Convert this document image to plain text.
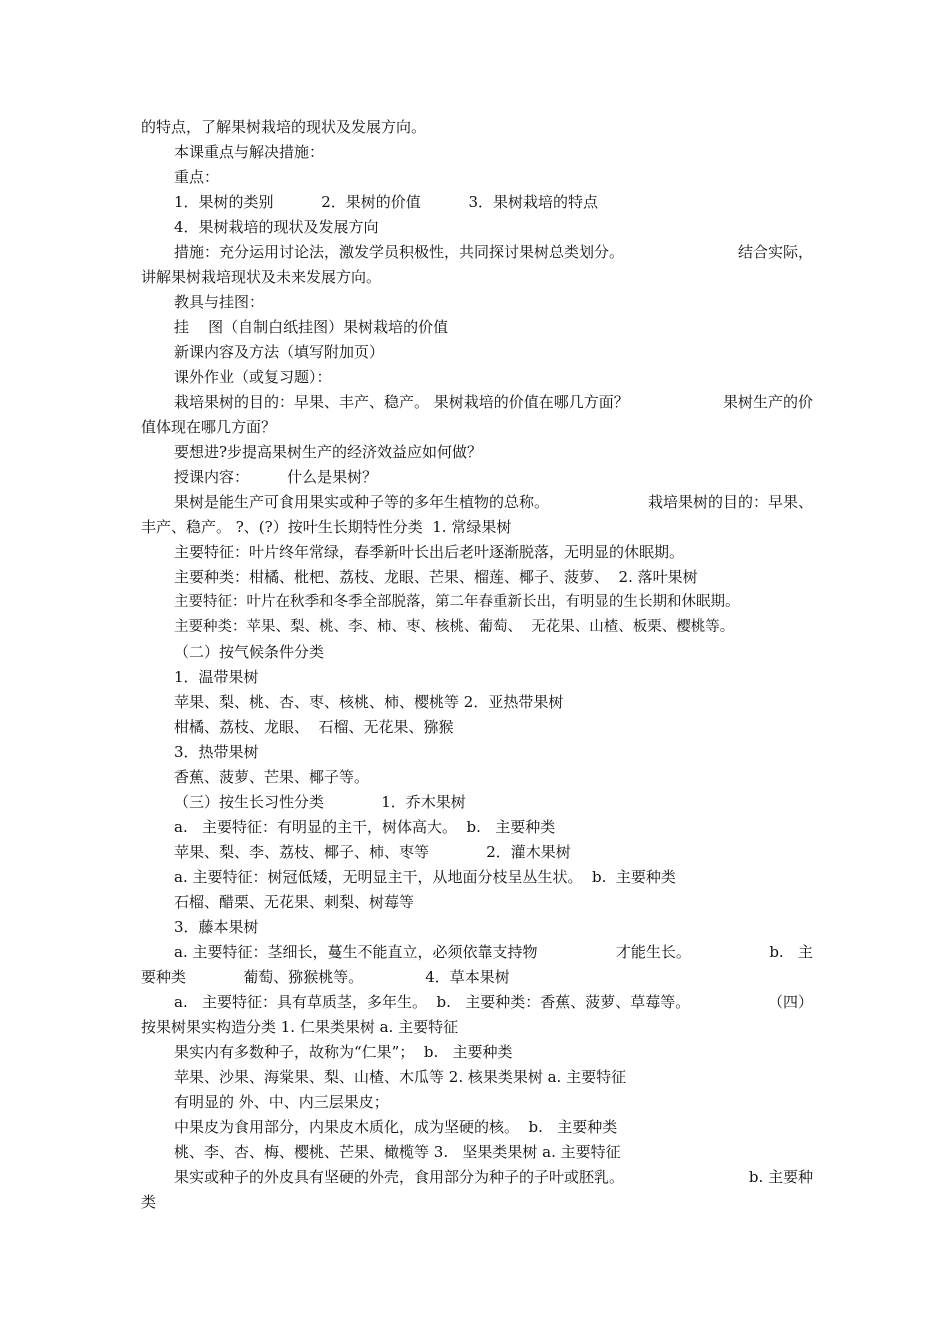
的特点，了解果树栽培的现状及发展方向。
本课重点与解决措施：
重点：
1．果树的类别          2．果树的价值          3．果树栽培的特点
4．果树栽培的现状及发展方向
措施：充分运用讨论法，激发学员积极性，共同探讨果树总类划分。	结合实际，
讲解果树栽培现状及未来发展方向。
教具与挂图：
挂    图（自制白纸挂图）果树栽培的价值
新课内容及方法（填写附加页）
课外作业（或复习题）：
栽培果树的目的：早果、丰产、稳产。 果树栽培的价值在哪几方面？	果树生产的价
值体现在哪几方面？
要想进?步提高果树生产的经济效益应如何做？
授课内容：        什么是果树？
果树是能生产可食用果实或种子等的多年生植物的总称。	栽培果树的目的：早果、
丰产、稳产。 ?、(?）按叶生长期特性分类  1. 常绿果树
主要特征：叶片终年常绿，春季新叶长出后老叶逐渐脱落，无明显的休眠期。
主要种类：柑橘、枇杷、荔枝、龙眼、芒果、榴莲、椰子、菠萝、  2. 落叶果树
主要特征：叶片在秋季和冬季全部脱落，第二年春重新长出，有明显的生长期和休眠期。
主要种类：苹果、梨、桃、李、柿、枣、核桃、葡萄、  无花果、山楂、板栗、樱桃等。
（二）按气候条件分类
1．温带果树
苹果、梨、桃、杏、枣、核桃、柿、樱桃等 2．亚热带果树
柑橘、荔枝、龙眼、  石榴、无花果、猕猴
3．热带果树
香蕉、菠萝、芒果、椰子等。
（三）按生长习性分类            1．乔木果树
a.   主要特征：有明显的主干，树体高大。  b.   主要种类
苹果、梨、李、荔枝、椰子、柿、枣等            2．灌木果树
a. 主要特征：树冠低矮，无明显主干，从地面分枝呈丛生状。  b.  主要种类
石榴、醋栗、无花果、刺梨、树莓等
3．藤本果树
a. 主要特征：茎细长，蔓生不能直立，必须依靠支持物	才能生长。	b.   主
要种类            葡萄、猕猴桃等。             4．草本果树
a.   主要特征：具有草质茎，多年生。  b.   主要种类：香蕉、菠萝、草莓等。	（四）
按果树果实构造分类 1. 仁果类果树 a. 主要特征
果实内有多数种子，故称为“仁果”；  b.   主要种类
苹果、沙果、海棠果、梨、山楂、木瓜等 2. 核果类果树 a. 主要特征
有明显的 外、中、内三层果皮；
中果皮为食用部分，内果皮木质化，成为坚硬的核。  b.   主要种类
桃、李、杏、梅、樱桃、芒果、橄榄等 3.   坚果类果树 a. 主要特征
果实或种子的外皮具有坚硬的外壳，食用部分为种子的子叶或胚乳。	b. 主要种
类
